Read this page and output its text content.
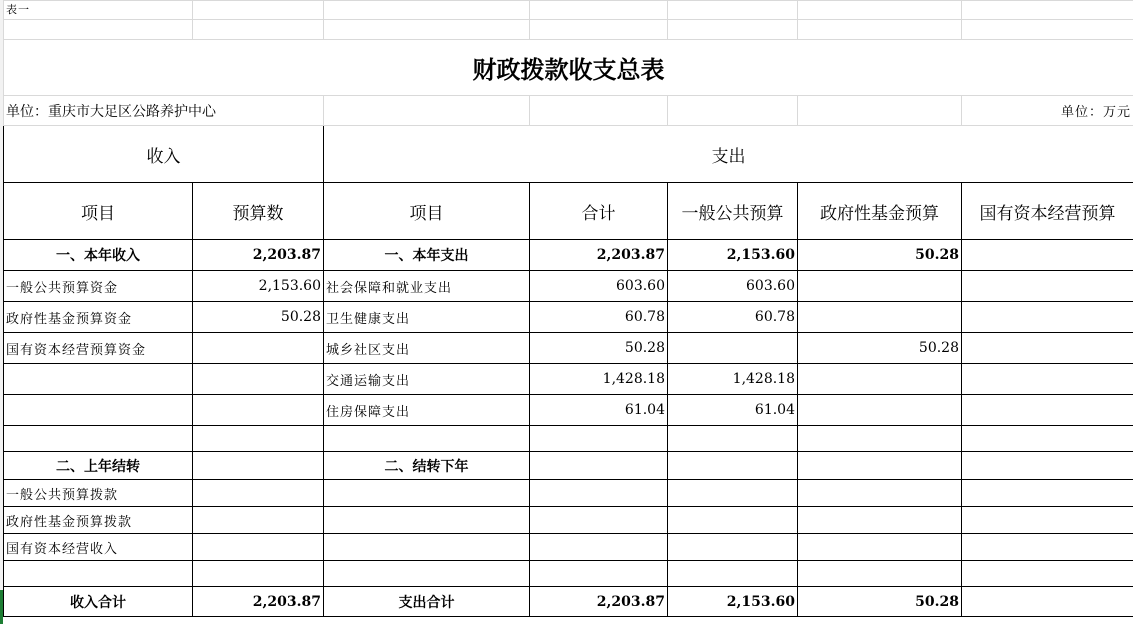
表一						

财政拨款收支总表						
单位：重庆市大足区公路养护中心						单位：万元
收入		支出				
项目	预算数	项目	合计	一般公共预算	政府性基金预算	国有资本经营预算
一、本年收入	2,203.87	一、本年支出	2,203.87	2,153.60	50.28	
一般公共预算资金	2,153.60	社会保障和就业支出	603.60	603.60		
政府性基金预算资金	50.28	卫生健康支出	60.78	60.78		
国有资本经营预算资金		城乡社区支出	50.28		50.28	
		交通运输支出	1,428.18	1,428.18		
		住房保障支出	61.04	61.04		

二、上年结转		二、结转下年				
一般公共预算拨款						
政府性基金预算拨款						
国有资本经营收入						

收入合计	2,203.87	支出合计	2,203.87	2,153.60	50.28	
